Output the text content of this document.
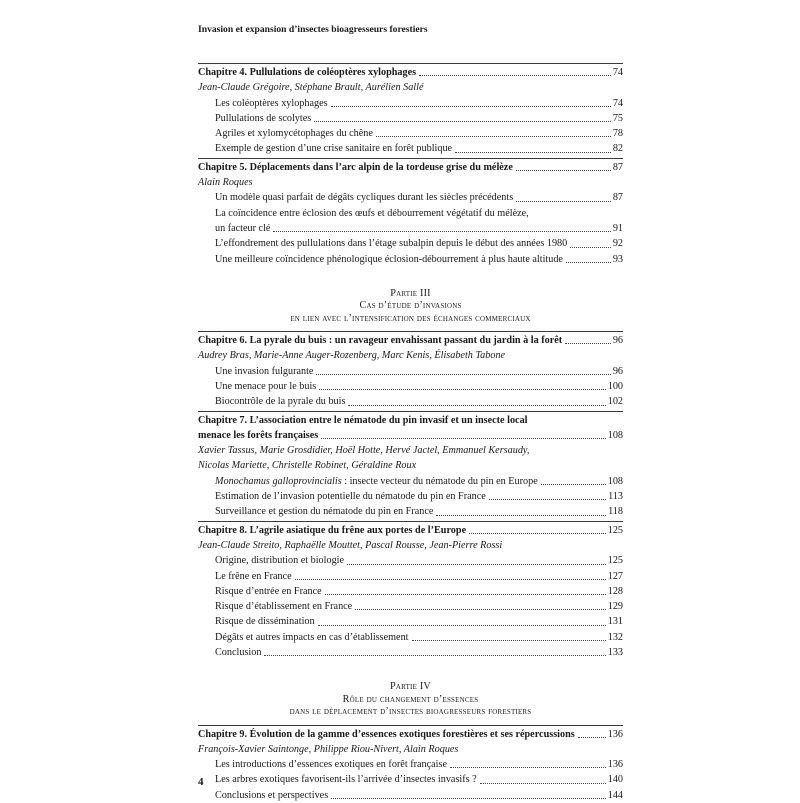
Invasion et expansion d’insectes bioagresseurs forestiers
Chapitre 4. Pullulations de coléoptères xylophages	74
Jean-Claude Grégoire, Stéphane Brault, Aurélien Sallé
Les coléoptères xylophages	74
Pullulations de scolytes	75
Agriles et xylomycétophages du chêne	78
Exemple de gestion d’une crise sanitaire en forêt publique	82
Chapitre 5. Déplacements dans l’arc alpin de la tordeuse grise du mélèze	87
Alain Roques
Un modèle quasi parfait de dégâts cycliques durant les siècles précédents	87
La coïncidence entre éclosion des œufs et débourrement végétatif du mélèze,
un facteur clé	91
L’effondrement des pullulations dans l’étage subalpin depuis le début des années 1980	92
Une meilleure coïncidence phénologique éclosion-débourrement à plus haute altitude	93
Partie III
Cas d’étude d’invasions
en lien avec l’intensification des échanges commerciaux
Chapitre 6. La pyrale du buis : un ravageur envahissant passant du jardin à la forêt	96
Audrey Bras, Marie-Anne Auger-Rozenberg, Marc Kenis, Élisabeth Tabone
Une invasion fulgurante	96
Une menace pour le buis	100
Biocontrôle de la pyrale du buis	102
Chapitre 7. L’association entre le nématode du pin invasif et un insecte local
menace les forêts françaises	108
Xavier Tassus, Marie Grosdidier, Hoël Hotte, Hervé Jactel, Emmanuel Kersaudy,
Nicolas Mariette, Christelle Robinet, Géraldine Roux
Monochamus galloprovincialis : insecte vecteur du nématode du pin en Europe	108
Estimation de l’invasion potentielle du nématode du pin en France	113
Surveillance et gestion du nématode du pin en France	118
Chapitre 8. L’agrile asiatique du frêne aux portes de l’Europe	125
Jean-Claude Streito, Raphaëlle Mouttet, Pascal Rousse, Jean-Pierre Rossi
Origine, distribution et biologie	125
Le frêne en France	127
Risque d’entrée en France	128
Risque d’établissement en France	129
Risque de dissémination	131
Dégâts et autres impacts en cas d’établissement	132
Conclusion	133
Partie IV
Rôle du changement d’essences
dans le déplacement d’insectes bioagresseurs forestiers
Chapitre 9. Évolution de la gamme d’essences exotiques forestières et ses répercussions	136
François-Xavier Saintonge, Philippe Riou-Nivert, Alain Roques
Les introductions d’essences exotiques en forêt française	136
Les arbres exotiques favorisent-ils l’arrivée d’insectes invasifs ?	140
Conclusions et perspectives	144
4
